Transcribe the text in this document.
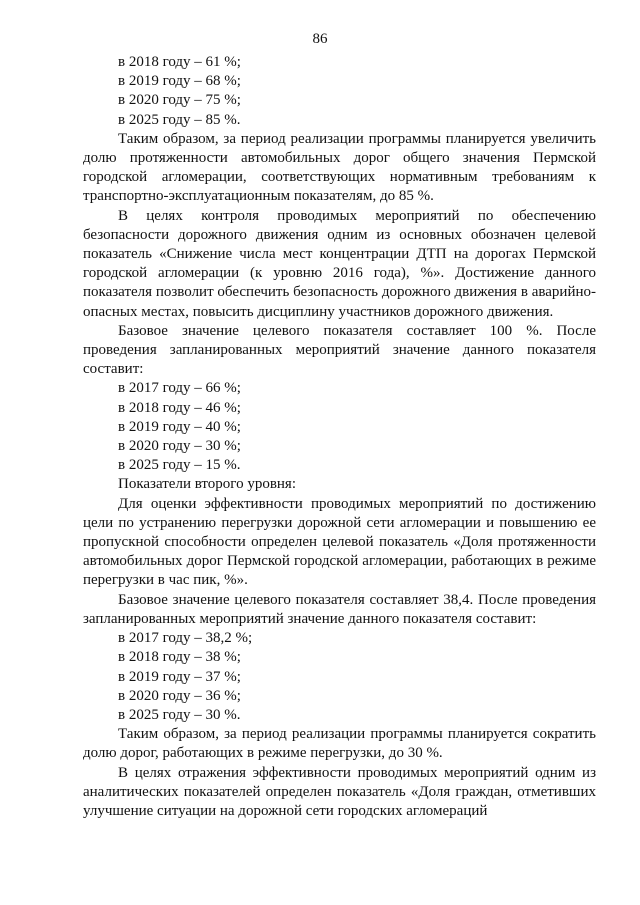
86

в 2018 году – 61 %;

в 2019 году – 68 %;

в 2020 году – 75 %;

в 2025 году – 85 %.

Таким образом, за период реализации программы планируется увеличить долю протяженности автомобильных дорог общего значения Пермской городской агломерации, соответствующих нормативным требованиям к транспортно-эксплуатационным показателям, до 85 %.

В целях контроля проводимых мероприятий по обеспечению безопасности дорожного движения одним из основных обозначен целевой показатель «Снижение числа мест концентрации ДТП на дорогах Пермской городской агломерации (к уровню 2016 года), %». Достижение данного показателя позволит обеспечить безопасность дорожного движения в аварийно-опасных местах, повысить дисциплину участников дорожного движения.

Базовое значение целевого показателя составляет 100 %. После проведения запланированных мероприятий значение данного показателя составит:

в 2017 году – 66 %;

в 2018 году – 46 %;

в 2019 году – 40 %;

в 2020 году – 30 %;

в 2025 году – 15 %.

Показатели второго уровня:

Для оценки эффективности проводимых мероприятий по достижению цели по устранению перегрузки дорожной сети агломерации и повышению ее пропускной способности определен целевой показатель «Доля протяженности автомобильных дорог Пермской городской агломерации, работающих в режиме перегрузки в час пик, %».

Базовое значение целевого показателя составляет 38,4. После проведения запланированных мероприятий значение данного показателя составит:

в 2017 году – 38,2 %;

в 2018 году – 38 %;

в 2019 году – 37 %;

в 2020 году – 36 %;

в 2025 году – 30 %.

Таким образом, за период реализации программы планируется сократить долю дорог, работающих в режиме перегрузки, до 30 %.

В целях отражения эффективности проводимых мероприятий одним из аналитических показателей определен показатель «Доля граждан, отметивших улучшение ситуации на дорожной сети городских агломераций
